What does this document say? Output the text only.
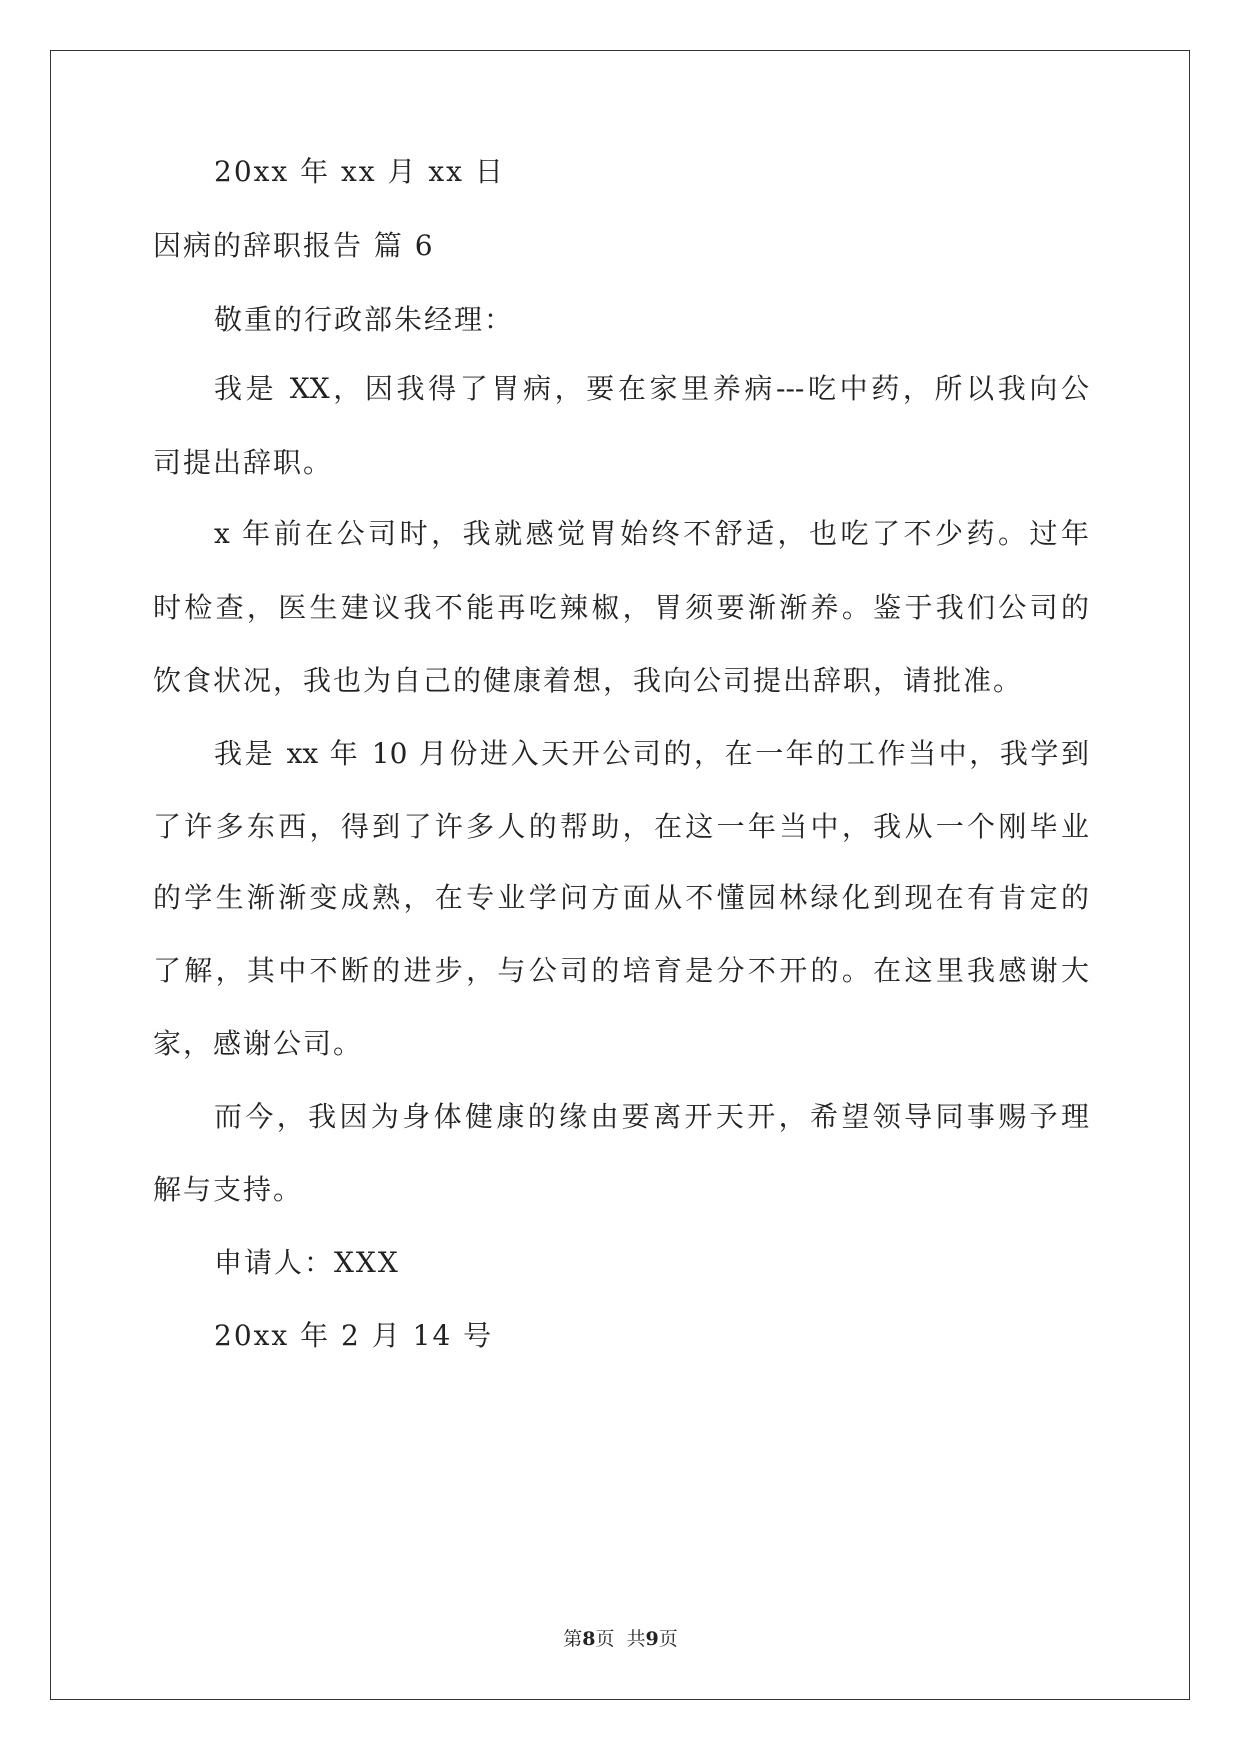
20xx 年 xx 月 xx 日
因病的辞职报告 篇 6
敬重的行政部朱经理：
我是 XX，因我得了胃病，要在家里养病---吃中药，所以我向公
司提出辞职。
x 年前在公司时，我就感觉胃始终不舒适，也吃了不少药。过年
时检查，医生建议我不能再吃辣椒，胃须要渐渐养。鉴于我们公司的
饮食状况，我也为自己的健康着想，我向公司提出辞职，请批准。
我是 xx 年 10 月份进入天开公司的，在一年的工作当中，我学到
了许多东西，得到了许多人的帮助，在这一年当中，我从一个刚毕业
的学生渐渐变成熟，在专业学问方面从不懂园林绿化到现在有肯定的
了解，其中不断的进步，与公司的培育是分不开的。在这里我感谢大
家，感谢公司。
而今，我因为身体健康的缘由要离开天开，希望领导同事赐予理
解与支持。
申请人：XXX
20xx 年 2 月 14 号
第8页  共9页
